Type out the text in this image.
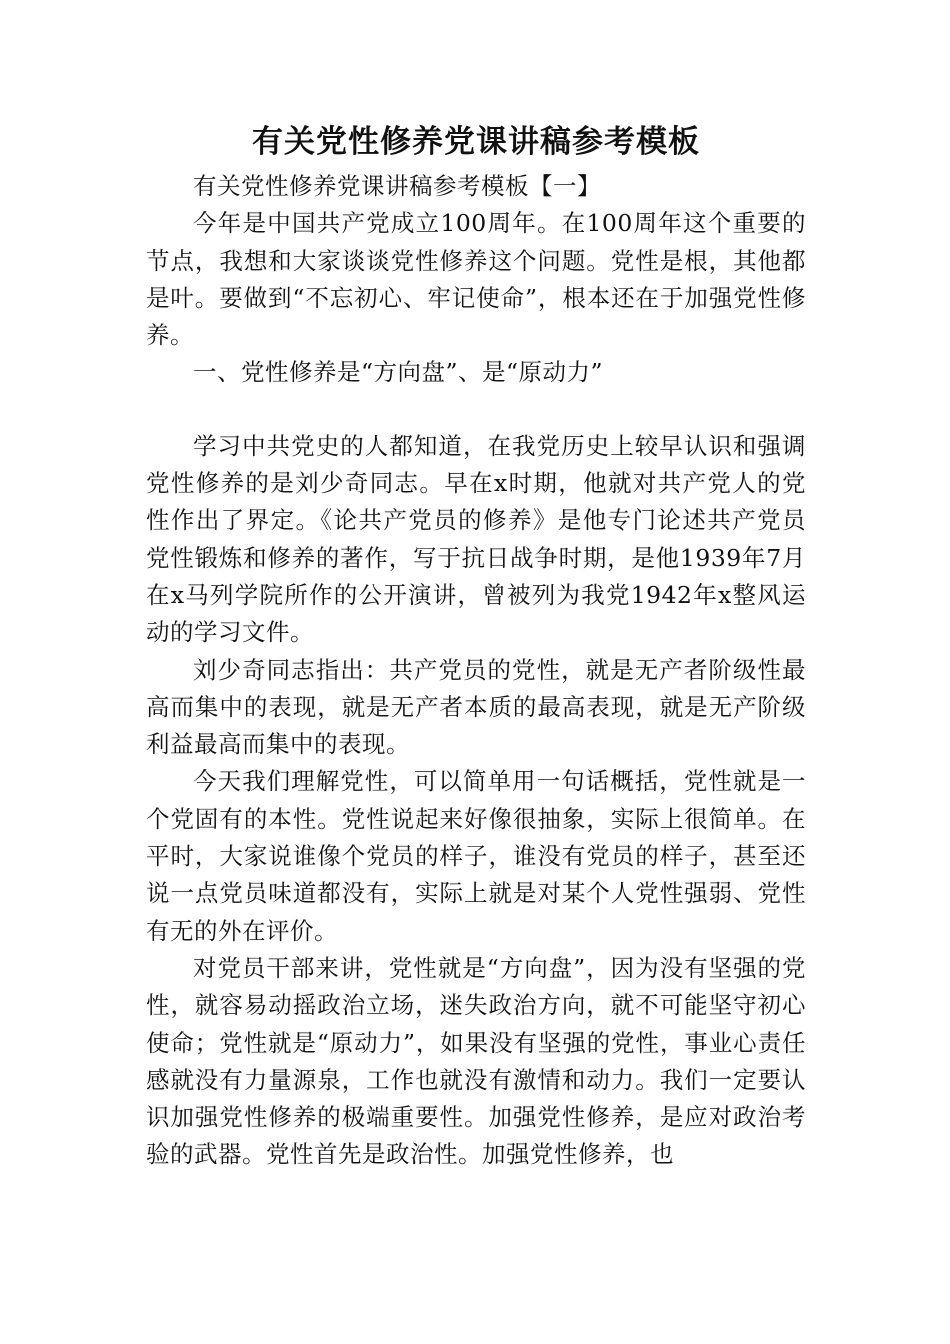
有关党性修养党课讲稿参考模板

有关党性修养党课讲稿参考模板【一】

今年是中国共产党成立100周年。在100周年这个重要的节点，我想和大家谈谈党性修养这个问题。党性是根，其他都是叶。要做到“不忘初心、牢记使命”，根本还在于加强党性修养。

一、党性修养是“方向盘”、是“原动力”

学习中共党史的人都知道，在我党历史上较早认识和强调党性修养的是刘少奇同志。早在x时期，他就对共产党人的党性作出了界定。《论共产党员的修养》是他专门论述共产党员党性锻炼和修养的著作，写于抗日战争时期，是他1939年7月在x马列学院所作的公开演讲，曾被列为我党1942年x整风运动的学习文件。

刘少奇同志指出：共产党员的党性，就是无产者阶级性最高而集中的表现，就是无产者本质的最高表现，就是无产阶级利益最高而集中的表现。

今天我们理解党性，可以简单用一句话概括，党性就是一个党固有的本性。党性说起来好像很抽象，实际上很简单。在平时，大家说谁像个党员的样子，谁没有党员的样子，甚至还说一点党员味道都没有，实际上就是对某个人党性强弱、党性有无的外在评价。

对党员干部来讲，党性就是“方向盘”，因为没有坚强的党性，就容易动摇政治立场，迷失政治方向，就不可能坚守初心使命；党性就是“原动力”，如果没有坚强的党性，事业心责任感就没有力量源泉，工作也就没有激情和动力。我们一定要认识加强党性修养的极端重要性。加强党性修养，是应对政治考验的武器。党性首先是政治性。加强党性修养，也
